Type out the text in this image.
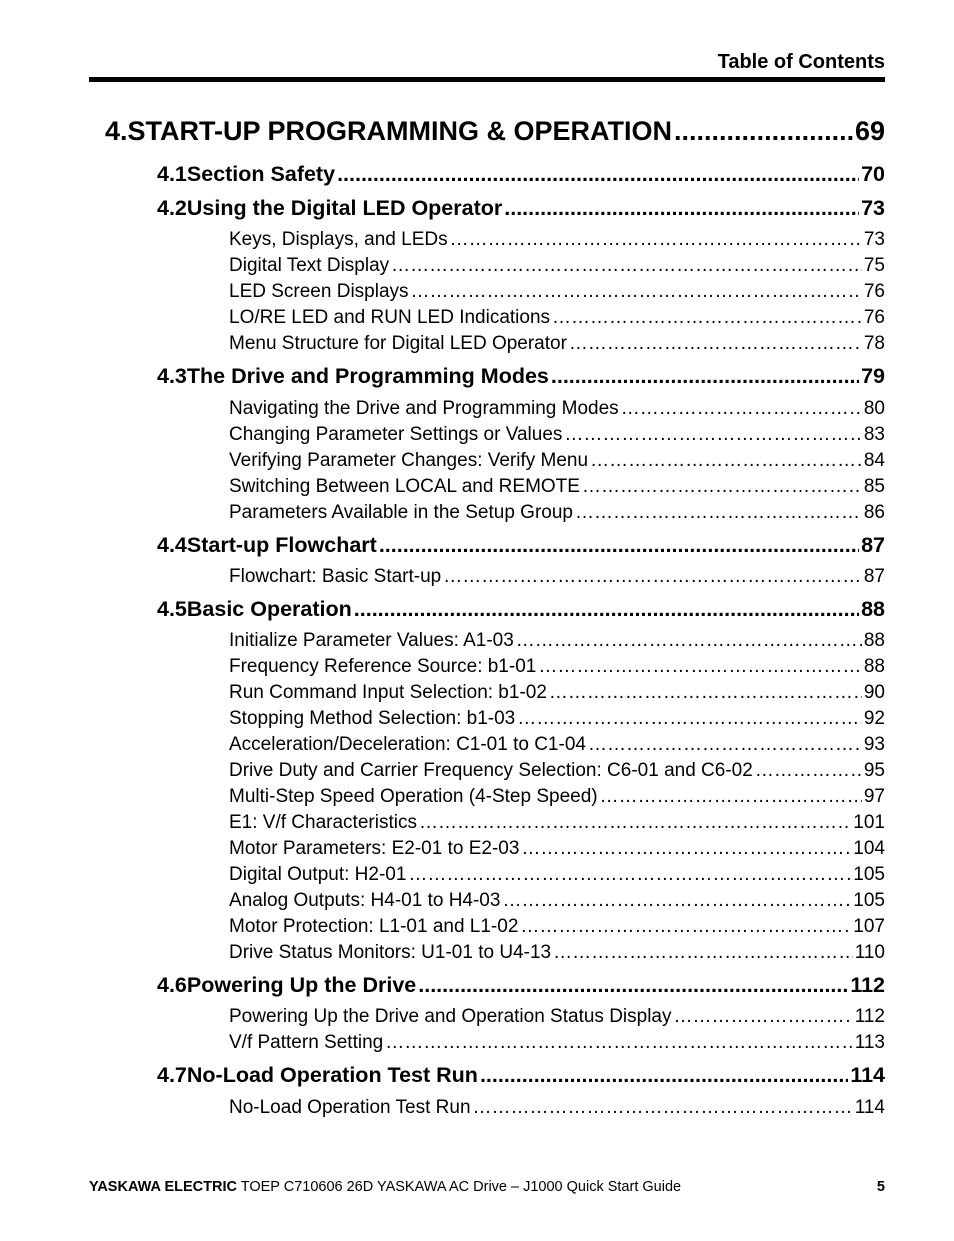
Table of Contents
4. START-UP PROGRAMMING & OPERATION .....	69
4.1 Section Safety .....	70
4.2 Using the Digital LED Operator .....	73
Keys, Displays, and LEDs …………………………………………………………………………………………………………………………………………………………………………	73
Digital Text Display …………………………………………………………………………………………………………………………………………………………………………	75
LED Screen Displays …………………………………………………………………………………………………………………………………………………………………………	76
LO/RE LED and RUN LED Indications …………………………………………………………………………………………………………………………………………………………………………	76
Menu Structure for Digital LED Operator …………………………………………………………………………………………………………………………………………………………………………	78
4.3 The Drive and Programming Modes .....	79
Navigating the Drive and Programming Modes …………………………………………………………………………………………………………………………………………………………………………	80
Changing Parameter Settings or Values …………………………………………………………………………………………………………………………………………………………………………	83
Verifying Parameter Changes: Verify Menu …………………………………………………………………………………………………………………………………………………………………………	84
Switching Between LOCAL and REMOTE …………………………………………………………………………………………………………………………………………………………………………	85
Parameters Available in the Setup Group …………………………………………………………………………………………………………………………………………………………………………	86
4.4 Start-up Flowchart .....	87
Flowchart: Basic Start-up …………………………………………………………………………………………………………………………………………………………………………	87
4.5 Basic Operation .....	88
Initialize Parameter Values: A1-03 …………………………………………………………………………………………………………………………………………………………………………	88
Frequency Reference Source: b1-01 …………………………………………………………………………………………………………………………………………………………………………	88
Run Command Input Selection: b1-02 …………………………………………………………………………………………………………………………………………………………………………	90
Stopping Method Selection: b1-03 …………………………………………………………………………………………………………………………………………………………………………	92
Acceleration/Deceleration: C1-01 to C1-04 …………………………………………………………………………………………………………………………………………………………………………	93
Drive Duty and Carrier Frequency Selection: C6-01 and C6-02 …………………………………………………………………………………………………………………………………………………………………………	95
Multi-Step Speed Operation (4-Step Speed) …………………………………………………………………………………………………………………………………………………………………………	97
E1: V/f Characteristics …………………………………………………………………………………………………………………………………………………………………………	101
Motor Parameters: E2-01 to E2-03 …………………………………………………………………………………………………………………………………………………………………………	104
Digital Output: H2-01 …………………………………………………………………………………………………………………………………………………………………………	105
Analog Outputs: H4-01 to H4-03 …………………………………………………………………………………………………………………………………………………………………………	105
Motor Protection: L1-01 and L1-02 …………………………………………………………………………………………………………………………………………………………………………	107
Drive Status Monitors: U1-01 to U4-13 …………………………………………………………………………………………………………………………………………………………………………	110
4.6 Powering Up the Drive .....	112
Powering Up the Drive and Operation Status Display …………………………………………………………………………………………………………………………………………………………………………	112
V/f Pattern Setting …………………………………………………………………………………………………………………………………………………………………………	113
4.7 No-Load Operation Test Run .....	114
No-Load Operation Test Run …………………………………………………………………………………………………………………………………………………………………………	114
YASKAWA ELECTRIC TOEP C710606 26D YASKAWA AC Drive – J1000 Quick Start Guide	5
